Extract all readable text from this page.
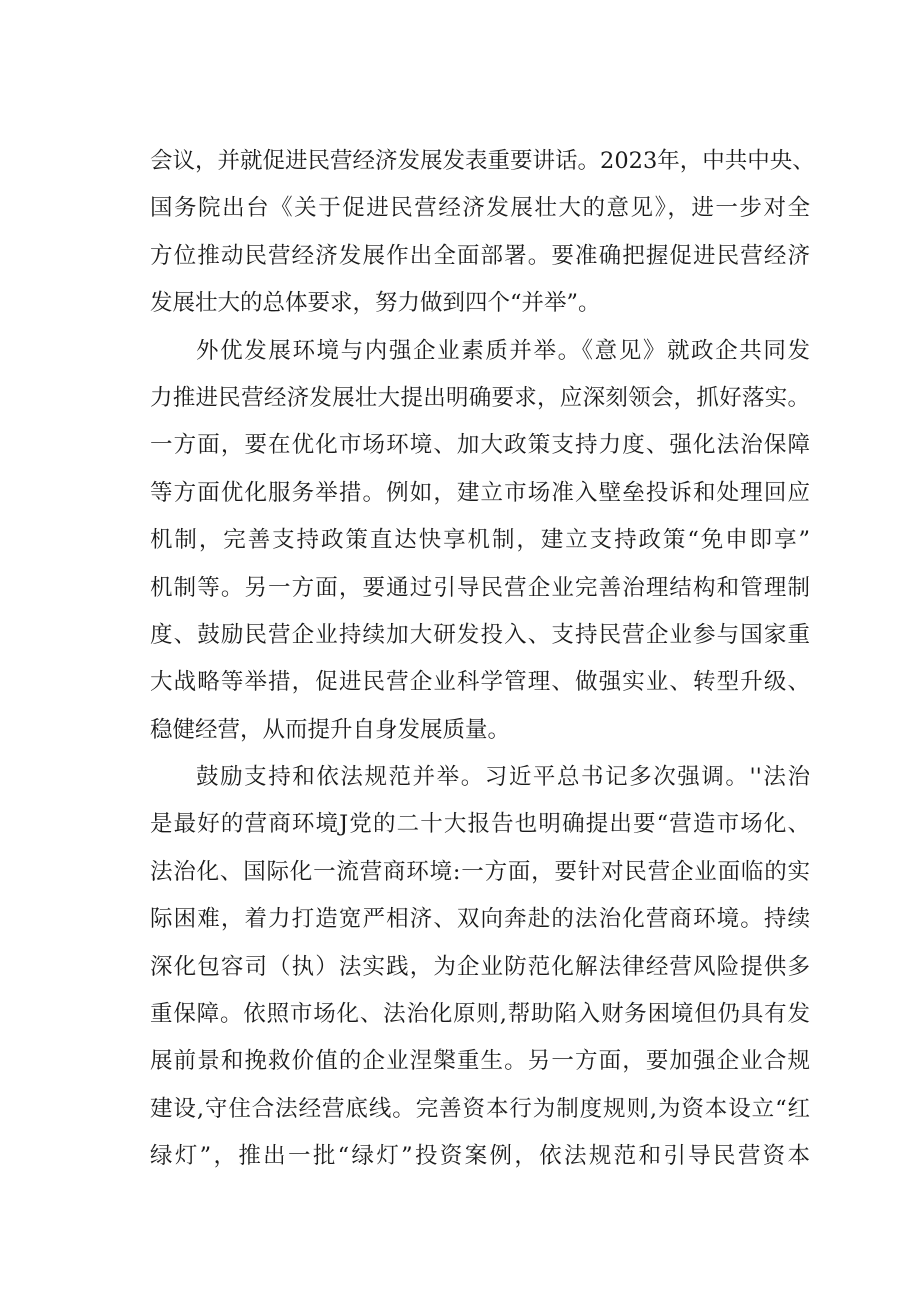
会议，并就促进民营经济发展发表重要讲话。2023年，中共中央、
国务院出台《关于促进民营经济发展壮大的意见》，进一步对全
方位推动民营经济发展作出全面部署。要准确把握促进民营经济
发展壮大的总体要求，努力做到四个“并举”。
外优发展环境与内强企业素质并举。《意见》就政企共同发
力推进民营经济发展壮大提出明确要求，应深刻领会，抓好落实。
一方面，要在优化市场环境、加大政策支持力度、强化法治保障
等方面优化服务举措。例如，建立市场准入壁垒投诉和处理回应
机制，完善支持政策直达快享机制，建立支持政策“免申即享”
机制等。另一方面，要通过引导民营企业完善治理结构和管理制
度、鼓励民营企业持续加大研发投入、支持民营企业参与国家重
大战略等举措，促进民营企业科学管理、做强实业、转型升级、
稳健经营，从而提升自身发展质量。
鼓励支持和依法规范并举。习近平总书记多次强调。''法治
是最好的营商环境J党的二十大报告也明确提出要“营造市场化、
法治化、国际化一流营商环境:一方面，要针对民营企业面临的实
际困难，着力打造宽严相济、双向奔赴的法治化营商环境。持续
深化包容司（执）法实践，为企业防范化解法律经营风险提供多
重保障。依照市场化、法治化原则,帮助陷入财务困境但仍具有发
展前景和挽救价值的企业涅槃重生。另一方面，要加强企业合规
建设,守住合法经营底线。完善资本行为制度规则,为资本设立“红
绿灯”，推出一批“绿灯”投资案例，依法规范和引导民营资本
